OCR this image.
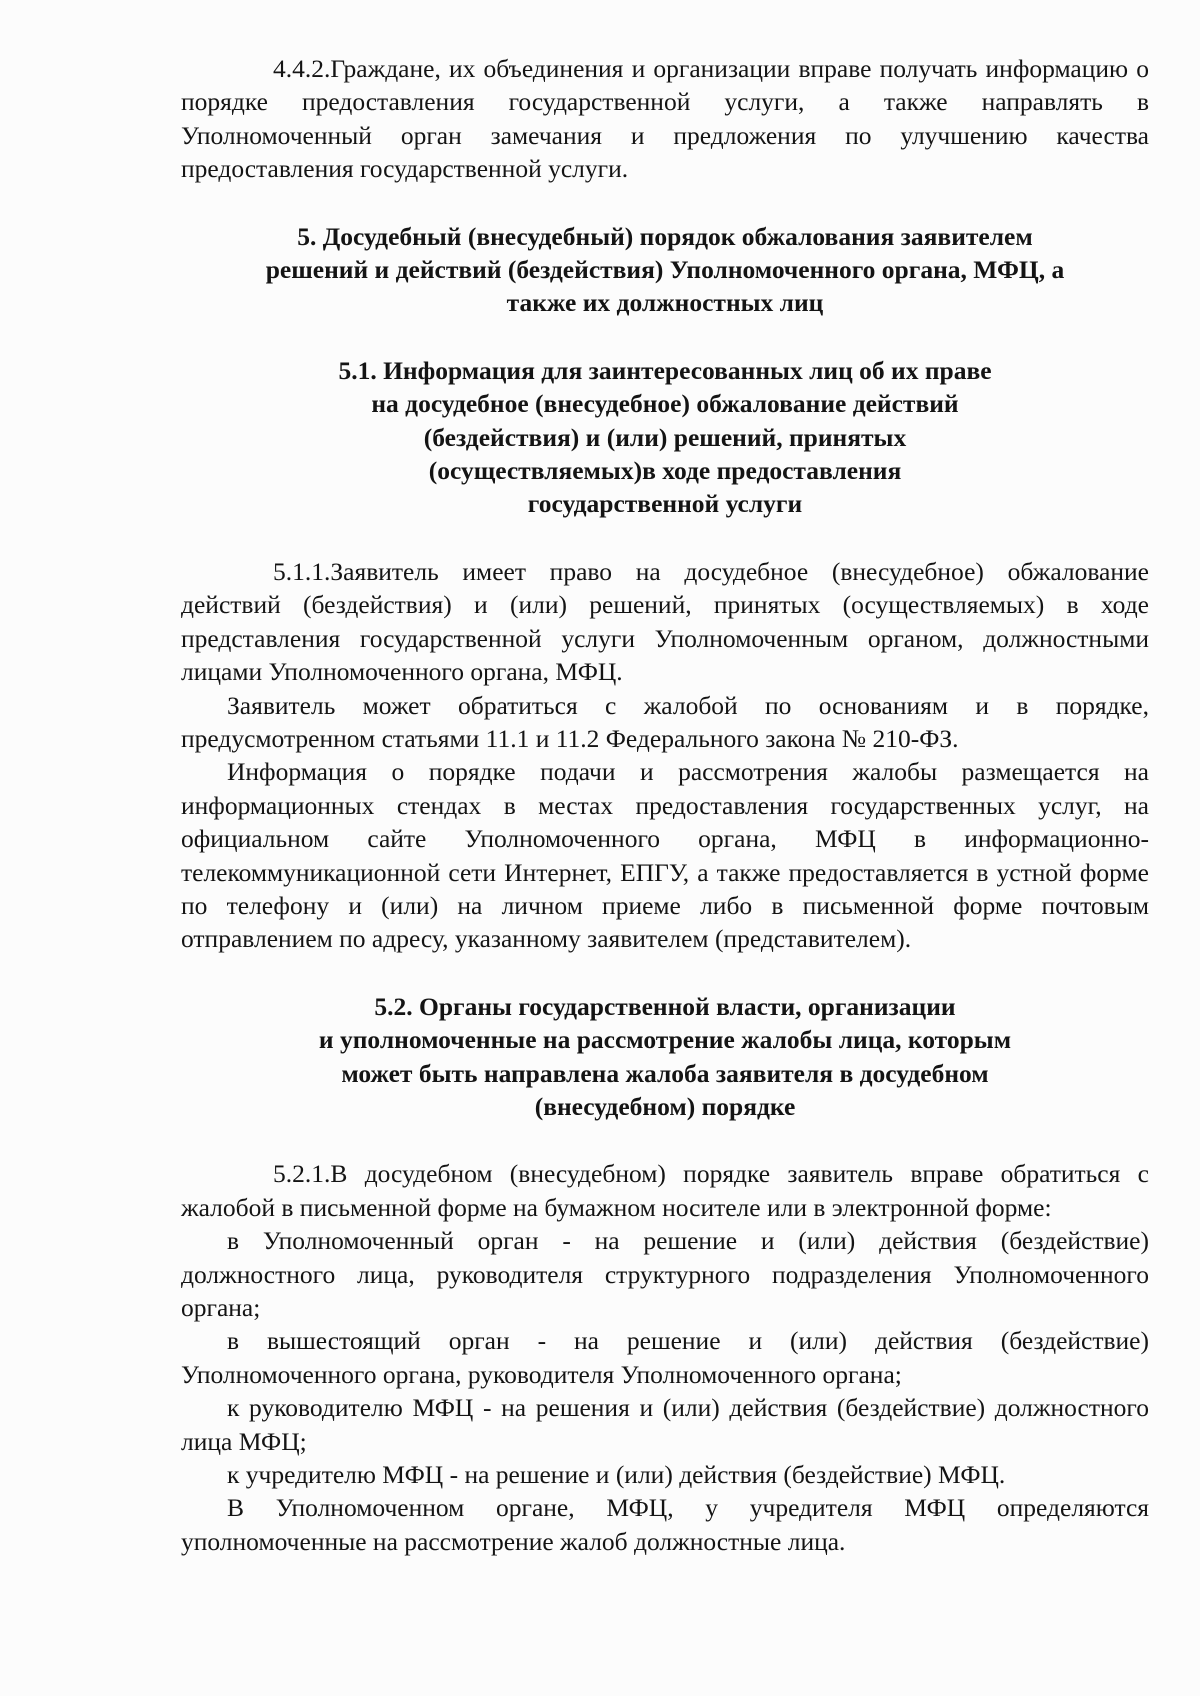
4.4.2.Граждане, их объединения и организации вправе получать информацию о порядке предоставления государственной услуги, а также направлять в Уполномоченный орган замечания и предложения по улучшению качества предоставления государственной услуги.

5. Досудебный (внесудебный) порядок обжалования заявителем
решений и действий (бездействия) Уполномоченного органа, МФЦ, а
также их должностных лиц
5.1. Информация для заинтересованных лиц об их праве
на досудебное (внесудебное) обжалование действий
(бездействия) и (или) решений, принятых
(осуществляемых)в ходе предоставления
государственной услуги

5.1.1.Заявитель имеет право на досудебное (внесудебное) обжалование действий (бездействия) и (или) решений, принятых (осуществляемых) в ходе представления государственной услуги Уполномоченным органом, должностными лицами Уполномоченного органа, МФЦ.

Заявитель может обратиться с жалобой по основаниям и в порядке, предусмотренном статьями 11.1 и 11.2 Федерального закона № 210-ФЗ.

Информация о порядке подачи и рассмотрения жалобы размещается на информационных стендах в местах предоставления государственных услуг, на официальном сайте Уполномоченного органа, МФЦ в информационно-телекоммуникационной сети Интернет, ЕПГУ, а также предоставляется в устной форме по телефону и (или) на личном приеме либо в письменной форме почтовым отправлением по адресу, указанному заявителем (представителем).

5.2. Органы государственной власти, организации
и уполномоченные на рассмотрение жалобы лица, которым
может быть направлена жалоба заявителя в досудебном
(внесудебном) порядке

5.2.1.В досудебном (внесудебном) порядке заявитель вправе обратиться с жалобой в письменной форме на бумажном носителе или в электронной форме:

в Уполномоченный орган - на решение и (или) действия (бездействие) должностного лица, руководителя структурного подразделения Уполномоченного органа;

в вышестоящий орган - на решение и (или) действия (бездействие) Уполномоченного органа, руководителя Уполномоченного органа;

к руководителю МФЦ - на решения и (или) действия (бездействие) должностного лица МФЦ;

к учредителю МФЦ - на решение и (или) действия (бездействие) МФЦ.

В Уполномоченном органе, МФЦ, у учредителя МФЦ определяются уполномоченные на рассмотрение жалоб должностные лица.
